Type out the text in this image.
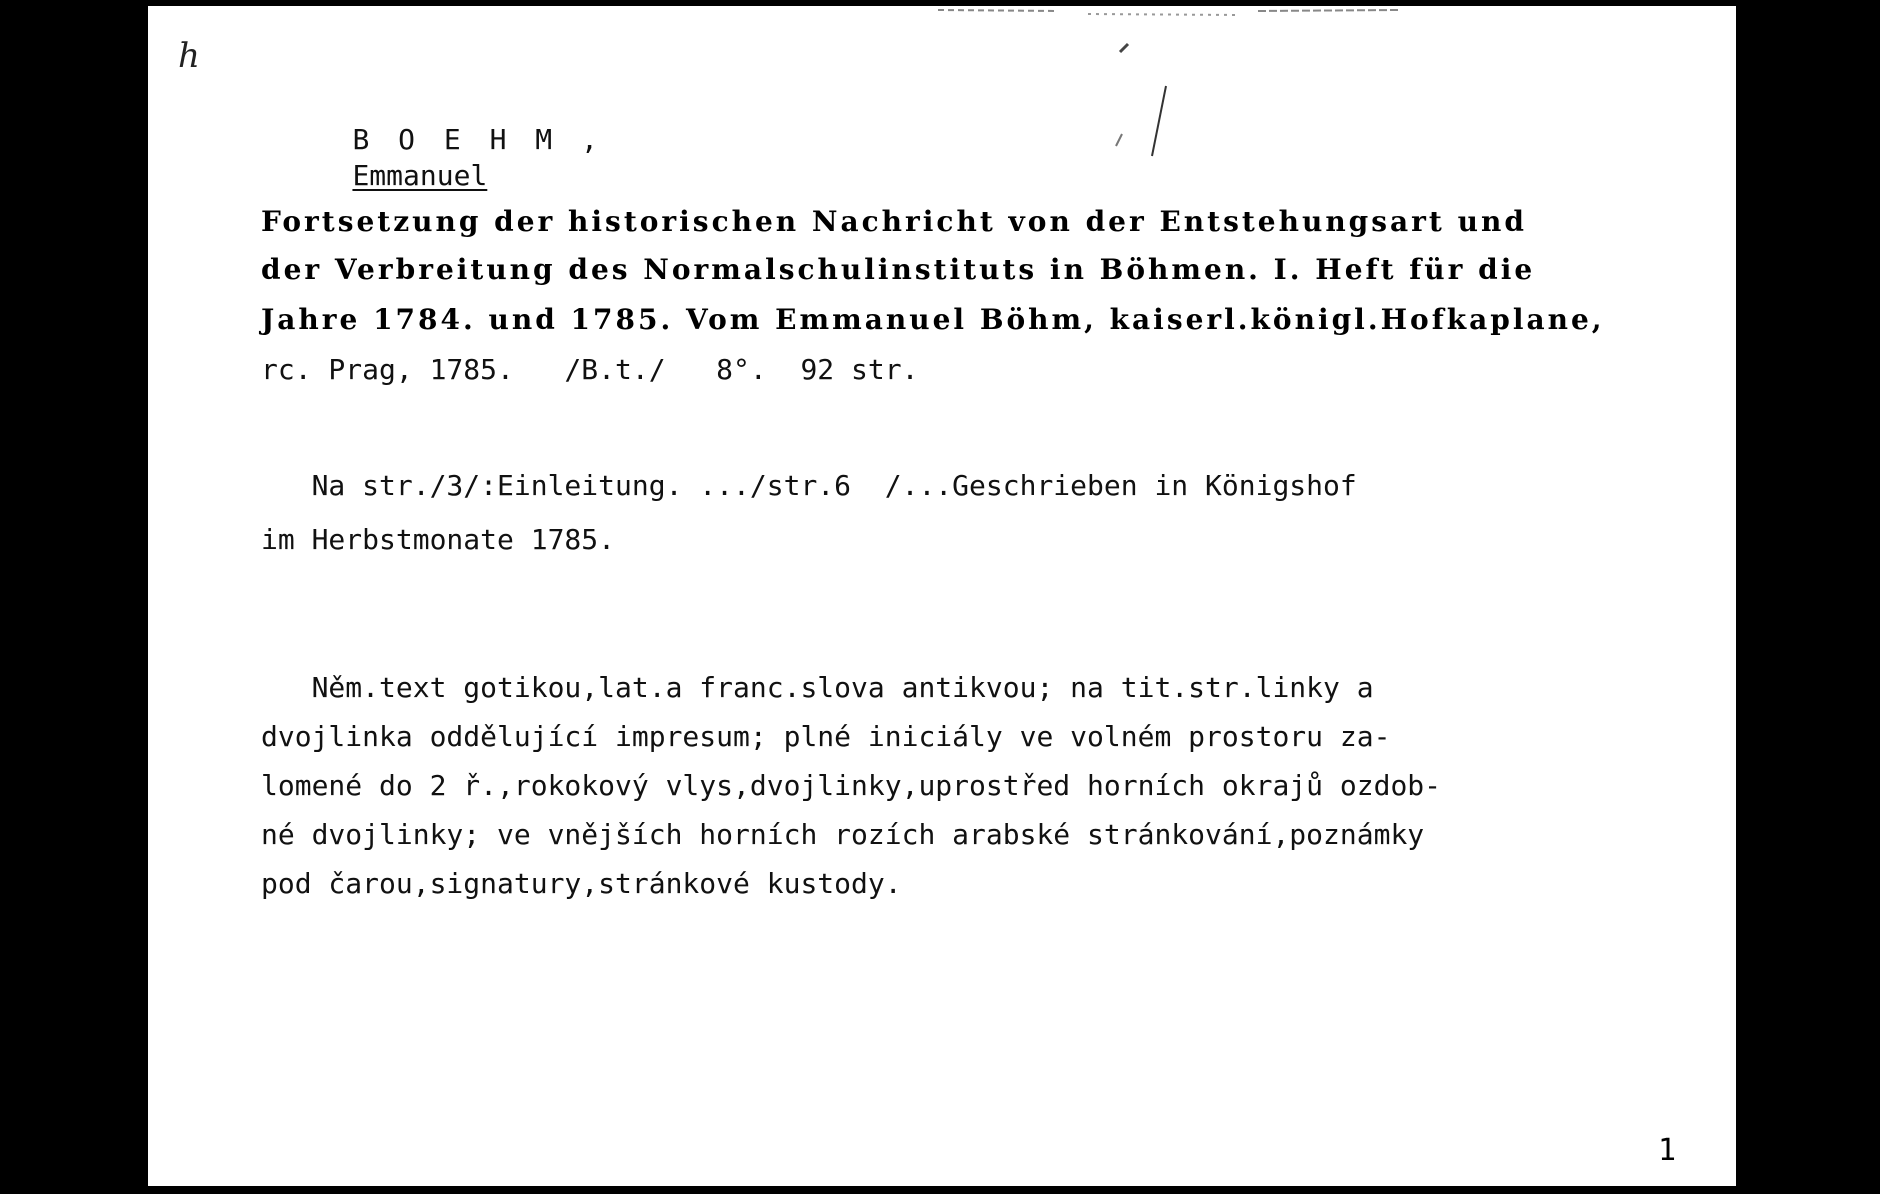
h

B O E H M ,
Emmanuel

Fortsetzung der historischen Nachricht von der Entstehungsart und
der Verbreitung des Normalschulinstituts in Böhmen. I. Heft für die
Jahre 1784. und 1785. Vom Emmanuel Böhm, kaiserl.königl.Hofkaplane,
rc. Prag, 1785.   /B.t./   8°.  92 str.
Na str./3/:Einleitung. .../str.6  /...Geschrieben in Königshof
im Herbstmonate 1785.
Něm.text gotikou,lat.a franc.slova antikvou; na tit.str.linky a
dvojlinka oddělující impresum; plné iniciály ve volném prostoru za-
lomené do 2 ř.,rokokový vlys,dvojlinky,uprostřed horních okrajů ozdob-
né dvojlinky; ve vnějších horních rozích arabské stránkování,poznámky
pod čarou,signatury,stránkové kustody.
1
